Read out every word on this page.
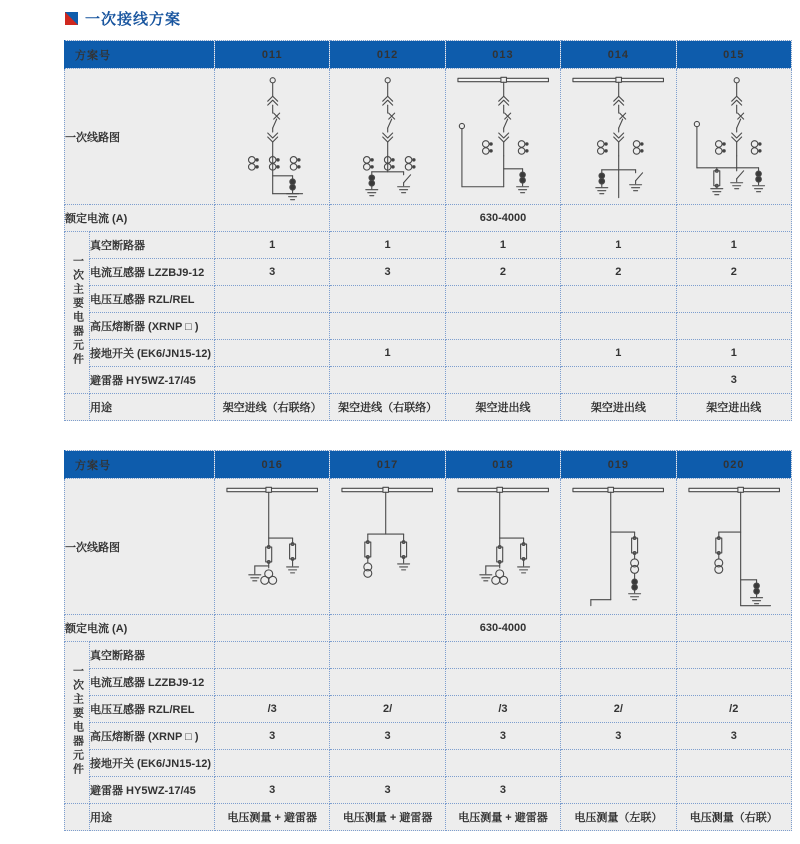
一次接线方案
方案号		011	012	013	014	015
一次线路图	

额定电流 (A)				630-4000		
一次主要电器元件	真空断路器	1	1	1	1	1
	电流互感器 LZZBJ9-12	3	3	2	2	2
	电压互感器 RZL/REL					
	高压熔断器 (XRNP □ )					
	接地开关 (EK6/JN15-12)		1		1	1
	避雷器 HY5WZ-17/45					3
	用途	架空进线（右联络）	架空进线（右联络）	架空进出线	架空进出线	架空进出线
方案号		016	017	018	019	020
一次线路图	

额定电流 (A)				630-4000		
一次主要电器元件	真空断路器					
	电流互感器 LZZBJ9-12					
	电压互感器 RZL/REL	/3	2/	/3	2/	/2
	高压熔断器 (XRNP □ )	3	3	3	3	3
	接地开关 (EK6/JN15-12)					
	避雷器 HY5WZ-17/45	3	3	3		
	用途	电压测量 + 避雷器	电压测量 + 避雷器	电压测量 + 避雷器	电压测量（左联）	电压测量（右联）
